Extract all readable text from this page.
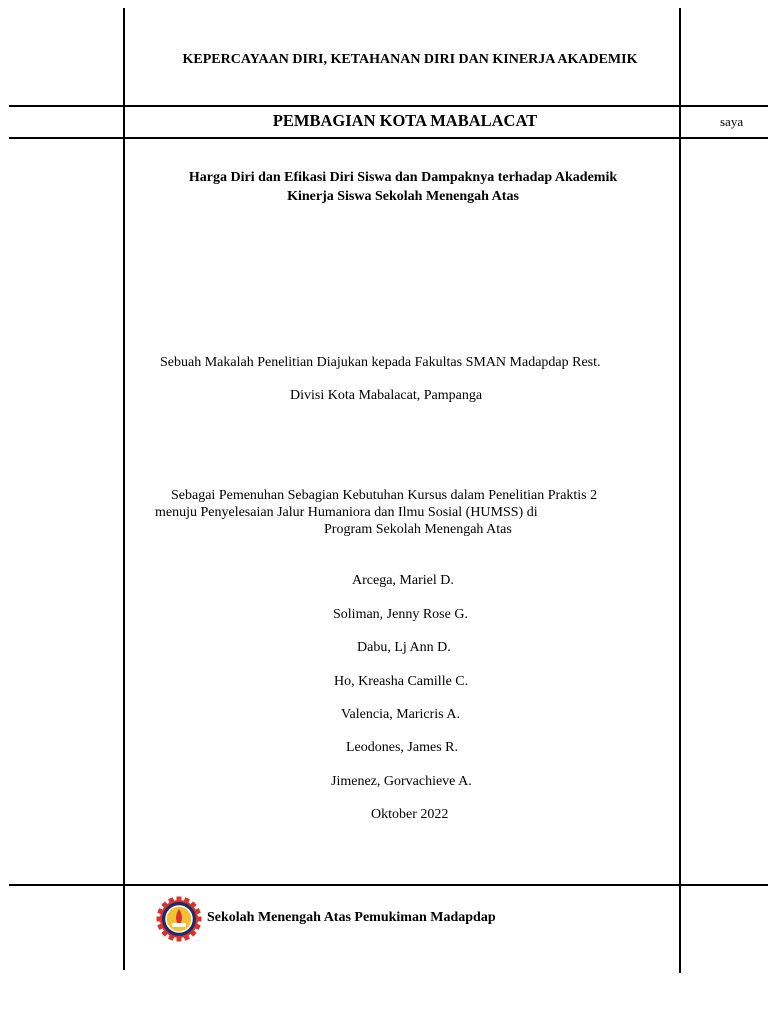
KEPERCAYAAN DIRI, KETAHANAN DIRI DAN KINERJA AKADEMIK
PEMBAGIAN KOTA MABALACAT	saya
Harga Diri dan Efikasi Diri Siswa dan Dampaknya terhadap Akademik
Kinerja Siswa Sekolah Menengah Atas
Sebuah Makalah Penelitian Diajukan kepada Fakultas SMAN Madapdap Rest.
Divisi Kota Mabalacat, Pampanga
Sebagai Pemenuhan Sebagian Kebutuhan Kursus dalam Penelitian Praktis 2
menuju Penyelesaian Jalur Humaniora dan Ilmu Sosial (HUMSS) di
Program Sekolah Menengah Atas
Arcega, Mariel D.
Soliman, Jenny Rose G.
Dabu, Lj Ann D.
Ho, Kreasha Camille C.
Valencia, Maricris A.
Leodones, James R.
Jimenez, Gorvachieve A.
Oktober 2022
Sekolah Menengah Atas Pemukiman Madapdap
